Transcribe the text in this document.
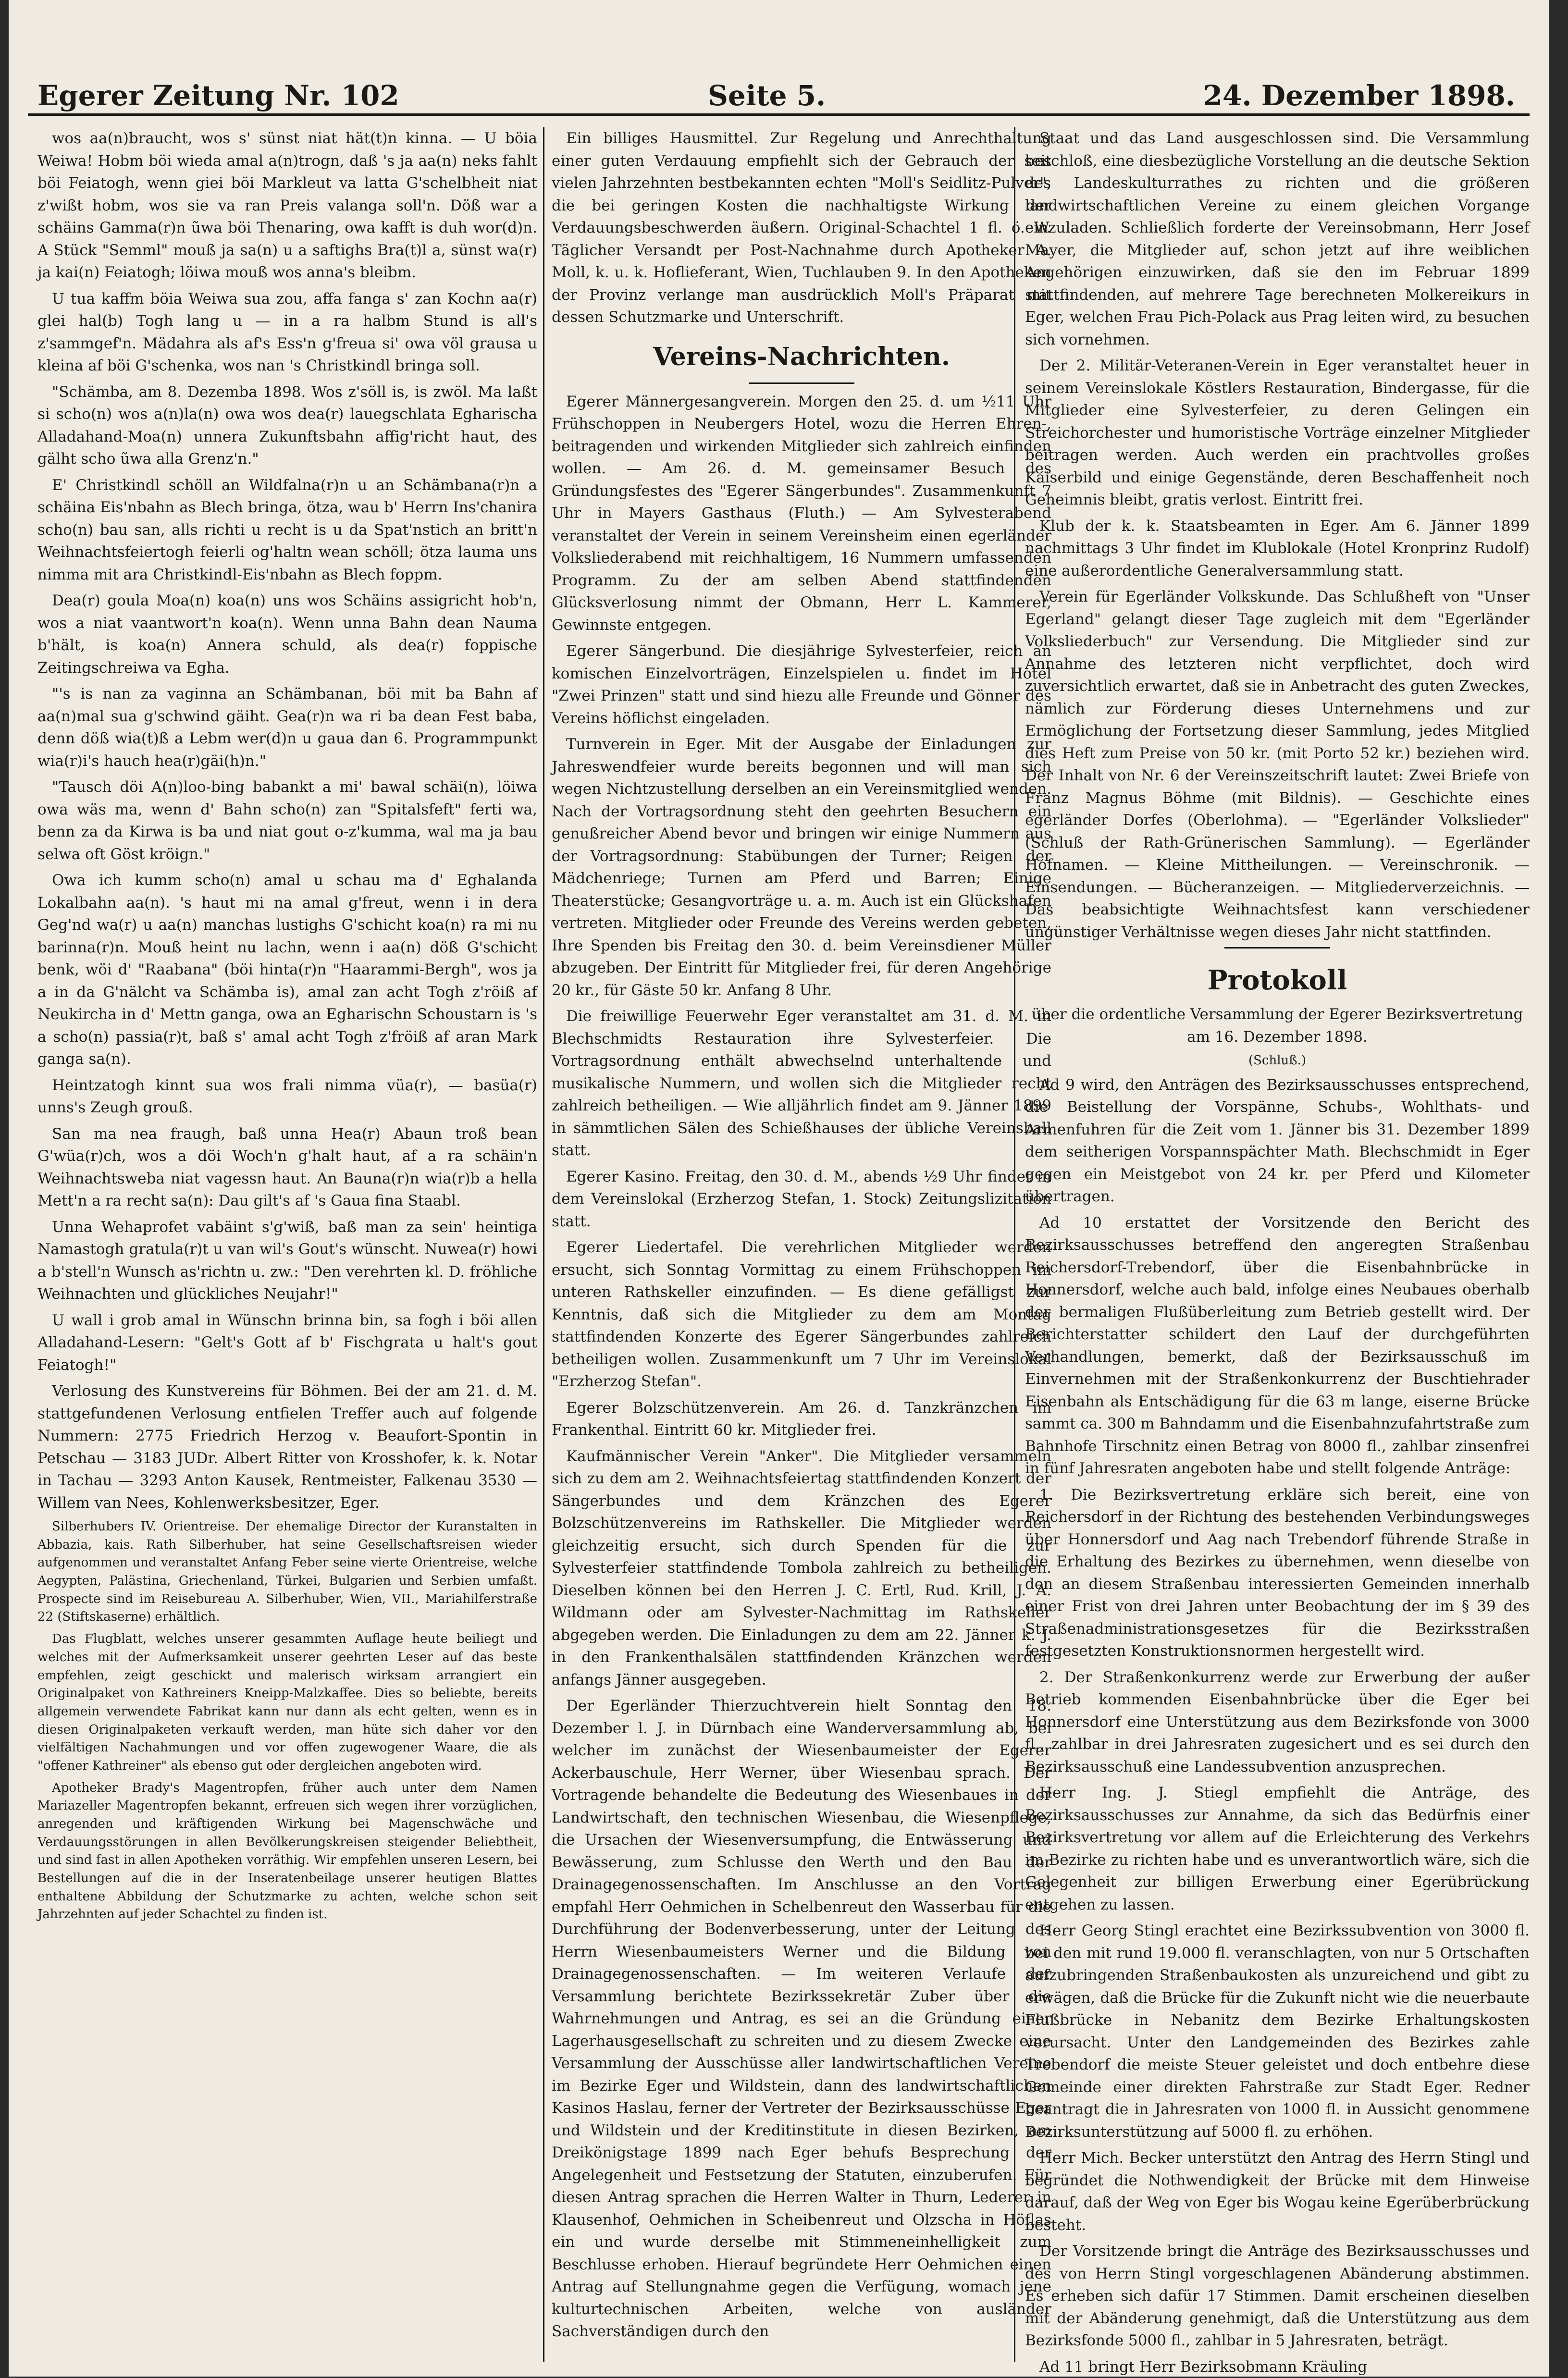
Egerer Zeitung Nr. 102	Seite 5.	24. Dezember 1898.

wos aa(n)braucht, wos s' sünst niat hät(t)n kinna. — U böia Weiwa! Hobm böi wieda amal a(n)trogn, daß 's ja aa(n) neks fahlt böi Feiatogh, wenn giei böi Markleut va latta G'schelbheit niat z'wißt hobm, wos sie va ran Preis valanga soll'n. Döß war a schäins Gamma(r)n ũwa böi Thenaring, owa kafft is duh wor(d)n. A Stück "Semml" mouß ja sa(n) u a saftighs Bra(t)l a, sünst wa(r) ja kai(n) Feiatogh; löiwa mouß wos anna's bleibm.

U tua kaffm böia Weiwa sua zou, affa fanga s' zan Kochn aa(r) glei hal(b) Togh lang u — in a ra halbm Stund is all's z'sammgef'n. Mädahra als af's Ess'n g'freua si' owa völ grausa u kleina af böi G'schenka, wos nan 's Christkindl bringa soll.

"Schämba, am 8. Dezemba 1898. Wos z'söll is, is zwöl. Ma laßt si scho(n) wos a(n)la(n) owa wos dea(r) lauegschlata Egharischa Alladahand-Moa(n) unnera Zukunftsbahn affig'richt haut, des gälht scho ũwa alla Grenz'n."

E' Christkindl schöll an Wildfalna(r)n u an Schämbana(r)n a schäina Eis'nbahn as Blech bringa, ötza, wau b' Herrn Ins'chanira scho(n) bau san, alls richti u recht is u da Spat'nstich an britt'n Weihnachtsfeiertogh feierli og'haltn wean schöll; ötza lauma uns nimma mit ara Christkindl-Eis'nbahn as Blech foppm.

Dea(r) goula Moa(n) koa(n) uns wos Schäins assigricht hob'n, wos a niat vaantwort'n koa(n). Wenn unna Bahn dean Nauma b'hält, is koa(n) Annera schuld, als dea(r) foppische Zeitingschreiwa va Egha.

"'s is nan za vaginna an Schämbanan, böi mit ba Bahn af aa(n)mal sua g'schwind gäiht. Gea(r)n wa ri ba dean Fest baba, denn döß wia(t)ß a Lebm wer(d)n u gaua dan 6. Programmpunkt wia(r)i's hauch hea(r)gäi(h)n."

"Tausch döi A(n)loo-bing babankt a mi' bawal schäi(n), löiwa owa wäs ma, wenn d' Bahn scho(n) zan "Spitalsfeft" ferti wa, benn za da Kirwa is ba und niat gout o-z'kumma, wal ma ja bau selwa oft Göst kröign."

Owa ich kumm scho(n) amal u schau ma d' Eghalanda Lokalbahn aa(n). 's haut mi na amal g'freut, wenn i in dera Geg'nd wa(r) u aa(n) manchas lustighs G'schicht koa(n) ra mi nu barinna(r)n. Mouß heint nu lachn, wenn i aa(n) döß G'schicht benk, wöi d' "Raabana" (böi hinta(r)n "Haarammi-Bergh", wos ja a in da G'nälcht va Schämba is), amal zan acht Togh z'röiß af Neukircha in d' Mettn ganga, owa an Egharischn Schoustarn is 's a scho(n) passia(r)t, baß s' amal acht Togh z'fröiß af aran Mark ganga sa(n).

Heintzatogh kinnt sua wos frali nimma vüa(r), — basüa(r) unns's Zeugh grouß.

San ma nea fraugh, baß unna Hea(r) Abaun troß bean G'wüa(r)ch, wos a döi Woch'n g'halt haut, af a ra schäin'n Weihnachtsweba niat vagessn haut. An Bauna(r)n wia(r)b a hella Mett'n a ra recht sa(n): Dau gilt's af 's Gaua fina Staabl.

Unna Wehaprofet vabäint s'g'wiß, baß man za sein' heintiga Namastogh gratula(r)t u van wil's Gout's wünscht. Nuwea(r) howi a b'stell'n Wunsch as'richtn u. zw.: "Den verehrten kl. D. fröhliche Weihnachten und glückliches Neujahr!"

U wall i grob amal in Wünschn brinna bin, sa fogh i böi allen Alladahand-Lesern: "Gelt's Gott af b' Fischgrata u halt's gout Feiatogh!"

Verlosung des Kunstvereins für Böhmen. Bei der am 21. d. M. stattgefundenen Verlosung entfielen Treffer auch auf folgende Nummern: 2775 Friedrich Herzog v. Beaufort-Spontin in Petschau — 3183 JUDr. Albert Ritter von Krosshofer, k. k. Notar in Tachau — 3293 Anton Kausek, Rentmeister, Falkenau 3530 — Willem van Nees, Kohlenwerksbesitzer, Eger.

Silberhubers IV. Orientreise. Der ehemalige Director der Kuranstalten in Abbazia, kais. Rath Silberhuber, hat seine Gesellschaftsreisen wieder aufgenommen und veranstaltet Anfang Feber seine vierte Orientreise, welche Aegypten, Palästina, Griechenland, Türkei, Bulgarien und Serbien umfaßt. Prospecte sind im Reisebureau A. Silberhuber, Wien, VII., Mariahilferstraße 22 (Stiftskaserne) erhältlich.

Das Flugblatt, welches unserer gesammten Auflage heute beiliegt und welches mit der Aufmerksamkeit unserer geehrten Leser auf das beste empfehlen, zeigt geschickt und malerisch wirksam arrangiert ein Originalpaket von Kathreiners Kneipp-Malzkaffee. Dies so beliebte, bereits allgemein verwendete Fabrikat kann nur dann als echt gelten, wenn es in diesen Originalpaketen verkauft werden, man hüte sich daher vor den vielfältigen Nachahmungen und vor offen zugewogener Waare, die als "offener Kathreiner" als ebenso gut oder dergleichen angeboten wird.

Apotheker Brady's Magentropfen, früher auch unter dem Namen Mariazeller Magentropfen bekannt, erfreuen sich wegen ihrer vorzüglichen, anregenden und kräftigenden Wirkung bei Magenschwäche und Verdauungsstörungen in allen Bevölkerungskreisen steigender Beliebtheit, und sind fast in allen Apotheken vorräthig. Wir empfehlen unseren Lesern, bei Bestellungen auf die in der Inseratenbeilage unserer heutigen Blattes enthaltene Abbildung der Schutzmarke zu achten, welche schon seit Jahrzehnten auf jeder Schachtel zu finden ist.

Ein billiges Hausmittel. Zur Regelung und Anrechthaltung einer guten Verdauung empfiehlt sich der Gebrauch der seit vielen Jahrzehnten bestbekannten echten "Moll's Seidlitz-Pulver", die bei geringen Kosten die nachhaltigste Wirkung der Verdauungsbeschwerden äußern. Original-Schachtel 1 fl. ö. W. Täglicher Versandt per Post-Nachnahme durch Apotheker A. Moll, k. u. k. Hoflieferant, Wien, Tuchlauben 9. In den Apotheken der Provinz verlange man ausdrücklich Moll's Präparat mit dessen Schutzmarke und Unterschrift.

Vereins-Nachrichten.

Egerer Männergesangverein. Morgen den 25. d. um ½11 Uhr Frühschoppen in Neubergers Hotel, wozu die Herren Ehren-, beitragenden und wirkenden Mitglieder sich zahlreich einfinden wollen. — Am 26. d. M. gemeinsamer Besuch des Gründungsfestes des "Egerer Sängerbundes". Zusammenkunft 7 Uhr in Mayers Gasthaus (Fluth.) — Am Sylvesterabend veranstaltet der Verein in seinem Vereinsheim einen egerländer Volksliederabend mit reichhaltigem, 16 Nummern umfassenden Programm. Zu der am selben Abend stattfindenden Glücksverlosung nimmt der Obmann, Herr L. Kammerer, Gewinnste entgegen.

Egerer Sängerbund. Die diesjährige Sylvesterfeier, reich an komischen Einzelvorträgen, Einzelspielen u. findet im Hotel "Zwei Prinzen" statt und sind hiezu alle Freunde und Gönner des Vereins höflichst eingeladen.

Turnverein in Eger. Mit der Ausgabe der Einladungen zur Jahreswendfeier wurde bereits begonnen und will man sich wegen Nichtzustellung derselben an ein Vereinsmitglied wenden. Nach der Vortragsordnung steht den geehrten Besuchern ein genußreicher Abend bevor und bringen wir einige Nummern aus der Vortragsordnung: Stabübungen der Turner; Reigen der Mädchenriege; Turnen am Pferd und Barren; Einige Theaterstücke; Gesangvorträge u. a. m. Auch ist ein Glückshafen vertreten. Mitglieder oder Freunde des Vereins werden gebeten, Ihre Spenden bis Freitag den 30. d. beim Vereinsdiener Müller abzugeben. Der Eintritt für Mitglieder frei, für deren Angehörige 20 kr., für Gäste 50 kr. Anfang 8 Uhr.

Die freiwillige Feuerwehr Eger veranstaltet am 31. d. M. in Blechschmidts Restauration ihre Sylvesterfeier. Die Vortragsordnung enthält abwechselnd unterhaltende und musikalische Nummern, und wollen sich die Mitglieder recht zahlreich betheiligen. — Wie alljährlich findet am 9. Jänner 1899 in sämmtlichen Sälen des Schießhauses der übliche Vereinsball statt.

Egerer Kasino. Freitag, den 30. d. M., abends ½9 Uhr findet in dem Vereinslokal (Erzherzog Stefan, 1. Stock) Zeitungslizitation statt.

Egerer Liedertafel. Die verehrlichen Mitglieder werden ersucht, sich Sonntag Vormittag zu einem Frühschoppen im unteren Rathskeller einzufinden. — Es diene gefälligst zur Kenntnis, daß sich die Mitglieder zu dem am Montag stattfindenden Konzerte des Egerer Sängerbundes zahlreich betheiligen wollen. Zusammenkunft um 7 Uhr im Vereinslokal "Erzherzog Stefan".

Egerer Bolzschützenverein. Am 26. d. Tanzkränzchen im Frankenthal. Eintritt 60 kr. Mitglieder frei.

Kaufmännischer Verein "Anker". Die Mitglieder versammeln sich zu dem am 2. Weihnachtsfeiertag stattfindenden Konzert der Sängerbundes und dem Kränzchen des Egerer Bolzschützenvereins im Rathskeller. Die Mitglieder werden gleichzeitig ersucht, sich durch Spenden für die zur Sylvesterfeier stattfindende Tombola zahlreich zu betheiligen. Dieselben können bei den Herren J. C. Ertl, Rud. Krill, J. A. Wildmann oder am Sylvester-Nachmittag im Rathskeller abgegeben werden. Die Einladungen zu dem am 22. Jänner k. J. in den Frankenthalsälen stattfindenden Kränzchen werden anfangs Jänner ausgegeben.

Der Egerländer Thierzuchtverein hielt Sonntag den 18. Dezember l. J. in Dürnbach eine Wanderversammlung ab, bei welcher im zunächst der Wiesenbaumeister der Egerer Ackerbauschule, Herr Werner, über Wiesenbau sprach. Der Vortragende behandelte die Bedeutung des Wiesenbaues in der Landwirtschaft, den technischen Wiesenbau, die Wiesenpflege, die Ursachen der Wiesenversumpfung, die Entwässerung und Bewässerung, zum Schlusse den Werth und den Bau der Drainagegenossenschaften. Im Anschlusse an den Vortrag empfahl Herr Oehmichen in Schelbenreut den Wasserbau für die Durchführung der Bodenverbesserung, unter der Leitung des Herrn Wiesenbaumeisters Werner und die Bildung von Drainagegenossenschaften. — Im weiteren Verlaufe der Versammlung berichtete Bezirkssekretär Zuber über die Wahrnehmungen und Antrag, es sei an die Gründung einer Lagerhausgesellschaft zu schreiten und zu diesem Zwecke eine Versammlung der Ausschüsse aller landwirtschaftlichen Vereine im Bezirke Eger und Wildstein, dann des landwirtschaftlichen Kasinos Haslau, ferner der Vertreter der Bezirksausschüsse Eger und Wildstein und der Kreditinstitute in diesen Bezirken, am Dreikönigstage 1899 nach Eger behufs Besprechung der Angelegenheit und Festsetzung der Statuten, einzuberufen. Für diesen Antrag sprachen die Herren Walter in Thurn, Lederer in Klausenhof, Oehmichen in Scheibenreut und Olzscha in Höflas ein und wurde derselbe mit Stimmeneinhelligkeit zum Beschlusse erhoben. Hierauf begründete Herr Oehmichen einen Antrag auf Stellungnahme gegen die Verfügung, womach jene kulturtechnischen Arbeiten, welche von ausländer Sachverständigen durch den

Staat und das Land ausgeschlossen sind. Die Versammlung beschloß, eine diesbezügliche Vorstellung an die deutsche Sektion des Landeskulturrathes zu richten und die größeren landwirtschaftlichen Vereine zu einem gleichen Vorgange einzuladen. Schließlich forderte der Vereinsobmann, Herr Josef Mayer, die Mitglieder auf, schon jetzt auf ihre weiblichen Angehörigen einzuwirken, daß sie den im Februar 1899 stattfindenden, auf mehrere Tage berechneten Molkereikurs in Eger, welchen Frau Pich-Polack aus Prag leiten wird, zu besuchen sich vornehmen.

Der 2. Militär-Veteranen-Verein in Eger veranstaltet heuer in seinem Vereinslokale Köstlers Restauration, Bindergasse, für die Mitglieder eine Sylvesterfeier, zu deren Gelingen ein Streichorchester und humoristische Vorträge einzelner Mitglieder beitragen werden. Auch werden ein prachtvolles großes Kaiserbild und einige Gegenstände, deren Beschaffenheit noch Geheimnis bleibt, gratis verlost. Eintritt frei.

Klub der k. k. Staatsbeamten in Eger. Am 6. Jänner 1899 nachmittags 3 Uhr findet im Klublokale (Hotel Kronprinz Rudolf) eine außerordentliche Generalversammlung statt.

Verein für Egerländer Volkskunde. Das Schlußheft von "Unser Egerland" gelangt dieser Tage zugleich mit dem "Egerländer Volksliederbuch" zur Versendung. Die Mitglieder sind zur Annahme des letzteren nicht verpflichtet, doch wird zuversichtlich erwartet, daß sie in Anbetracht des guten Zweckes, nämlich zur Förderung dieses Unternehmens und zur Ermöglichung der Fortsetzung dieser Sammlung, jedes Mitglied dies Heft zum Preise von 50 kr. (mit Porto 52 kr.) beziehen wird. Der Inhalt von Nr. 6 der Vereinszeitschrift lautet: Zwei Briefe von Franz Magnus Böhme (mit Bildnis). — Geschichte eines egerländer Dorfes (Oberlohma). — "Egerländer Volkslieder" (Schluß der Rath-Grünerischen Sammlung). — Egerländer Hofnamen. — Kleine Mittheilungen. — Vereinschronik. — Einsendungen. — Bücheranzeigen. — Mitgliederverzeichnis. — Das beabsichtigte Weihnachtsfest kann verschiedener ungünstiger Verhältnisse wegen dieses Jahr nicht stattfinden.

Protokoll

über die ordentliche Versammlung der Egerer Bezirksvertretung am 16. Dezember 1898.

(Schluß.)

Ad 9 wird, den Anträgen des Bezirksausschusses entsprechend, die Beistellung der Vorspänne, Schubs-, Wohlthats- und Armenfuhren für die Zeit vom 1. Jänner bis 31. Dezember 1899 dem seitherigen Vorspannspächter Math. Blechschmidt in Eger gegen ein Meistgebot von 24 kr. per Pferd und Kilometer übertragen.

Ad 10 erstattet der Vorsitzende den Bericht des Bezirksausschusses betreffend den angeregten Straßenbau Reichersdorf-Trebendorf, über die Eisenbahnbrücke in Honnersdorf, welche auch bald, infolge eines Neubaues oberhalb der bermaligen Flußüberleitung zum Betrieb gestellt wird. Der Berichterstatter schildert den Lauf der durchgeführten Verhandlungen, bemerkt, daß der Bezirksausschuß im Einvernehmen mit der Straßenkonkurrenz der Buschtiehrader Eisenbahn als Entschädigung für die 63 m lange, eiserne Brücke sammt ca. 300 m Bahndamm und die Eisenbahnzufahrtstraße zum Bahnhofe Tirschnitz einen Betrag von 8000 fl., zahlbar zinsenfrei in fünf Jahresraten angeboten habe und stellt folgende Anträge:

1. Die Bezirksvertretung erkläre sich bereit, eine von Reichersdorf in der Richtung des bestehenden Verbindungsweges über Honnersdorf und Aag nach Trebendorf führende Straße in die Erhaltung des Bezirkes zu übernehmen, wenn dieselbe von den an diesem Straßenbau interessierten Gemeinden innerhalb einer Frist von drei Jahren unter Beobachtung der im § 39 des Straßenadministrationsgesetzes für die Bezirksstraßen festgesetzten Konstruktionsnormen hergestellt wird.

2. Der Straßenkonkurrenz werde zur Erwerbung der außer Betrieb kommenden Eisenbahnbrücke über die Eger bei Honnersdorf eine Unterstützung aus dem Bezirksfonde von 3000 fl., zahlbar in drei Jahresraten zugesichert und es sei durch den Bezirksausschuß eine Landessubvention anzusprechen.

Herr Ing. J. Stiegl empfiehlt die Anträge, des Bezirksausschusses zur Annahme, da sich das Bedürfnis einer Bezirksvertretung vor allem auf die Erleichterung des Verkehrs im Bezirke zu richten habe und es unverantwortlich wäre, sich die Gelegenheit zur billigen Erwerbung einer Egerübrückung entgehen zu lassen.

Herr Georg Stingl erachtet eine Bezirkssubvention von 3000 fl. bei den mit rund 19.000 fl. veranschlagten, von nur 5 Ortschaften aufzubringenden Straßenbaukosten als unzureichend und gibt zu erwägen, daß die Brücke für die Zukunft nicht wie die neuerbaute Flußbrücke in Nebanitz dem Bezirke Erhaltungskosten verursacht. Unter den Landgemeinden des Bezirkes zahle Trebendorf die meiste Steuer geleistet und doch entbehre diese Gemeinde einer direkten Fahrstraße zur Stadt Eger. Redner beantragt die in Jahresraten von 1000 fl. in Aussicht genommene Bezirksunterstützung auf 5000 fl. zu erhöhen.

Herr Mich. Becker unterstützt den Antrag des Herrn Stingl und begründet die Nothwendigkeit der Brücke mit dem Hinweise darauf, daß der Weg von Eger bis Wogau keine Egerüberbrückung besteht.

Der Vorsitzende bringt die Anträge des Bezirksausschusses und des von Herrn Stingl vorgeschlagenen Abänderung abstimmen. Es erheben sich dafür 17 Stimmen. Damit erscheinen dieselben mit der Abänderung genehmigt, daß die Unterstützung aus dem Bezirksfonde 5000 fl., zahlbar in 5 Jahresraten, beträgt.

Ad 11 bringt Herr Bezirksobmann Kräuling
